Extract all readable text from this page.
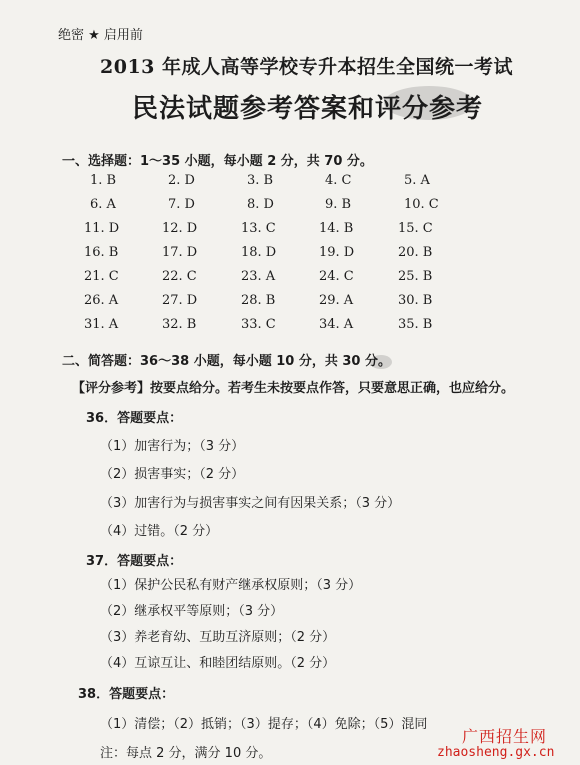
绝密 ★ 启用前
2013 年成人高等学校专升本招生全国统一考试
民法试题参考答案和评分参考
一、选择题：1～35 小题，每小题 2 分，共 70 分。
1. B	2. D	3. B	4. C	5. A
6. A	7. D	8. D	9. B	10. C
11. D	12. D	13. C	14. B	15. C
16. B	17. D	18. D	19. D	20. B
21. C	22. C	23. A	24. C	25. B
26. A	27. D	28. B	29. A	30. B
31. A	32. B	33. C	34. A	35. B
二、简答题：36～38 小题，每小题 10 分，共 30 分。
【评分参考】按要点给分。若考生未按要点作答，只要意思正确，也应给分。
36．答题要点：
（1）加害行为；（3 分）
（2）损害事实；（2 分）
（3）加害行为与损害事实之间有因果关系；（3 分）
（4）过错。（2 分）
37．答题要点：
（1）保护公民私有财产继承权原则；（3 分）
（2）继承权平等原则；（3 分）
（3）养老育幼、互助互济原则；（2 分）
（4）互谅互让、和睦团结原则。（2 分）
38．答题要点：
（1）清偿；（2）抵销；（3）提存；（4）免除；（5）混同
注：每点 2 分，满分 10 分。
广西招生网
zhaosheng.gx.cn
